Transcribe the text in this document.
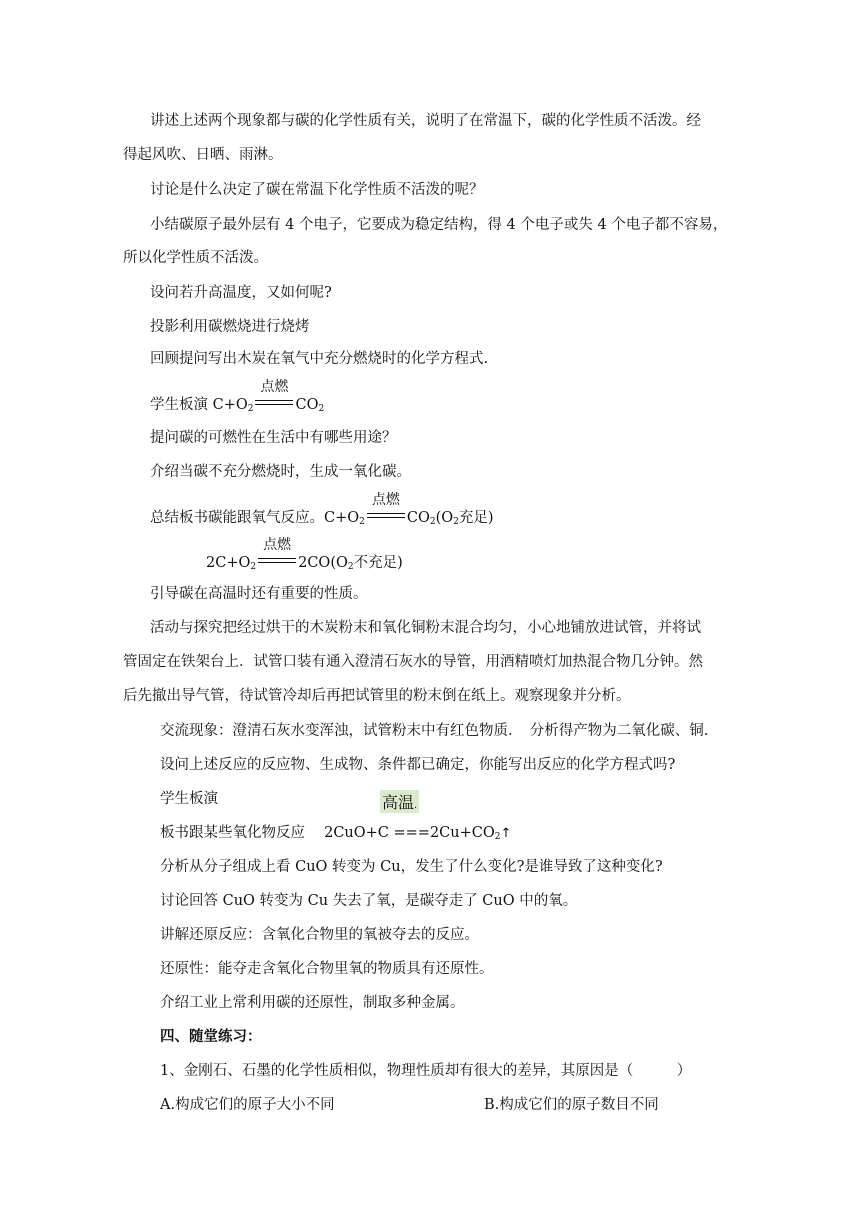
讲述上述两个现象都与碳的化学性质有关，说明了在常温下，碳的化学性质不活泼。经
得起风吹、日晒、雨淋。
讨论是什么决定了碳在常温下化学性质不活泼的呢？
小结碳原子最外层有 4 个电子，它要成为稳定结构，得 4 个电子或失 4 个电子都不容易，
所以化学性质不活泼。
设问若升高温度，又如何呢?
投影利用碳燃烧进行烧烤
回顾提问写出木炭在氧气中充分燃烧时的化学方程式.
学生板演 $C+O_2$
点燃
$CO_2$
提问碳的可燃性在生活中有哪些用途？
介绍当碳不充分燃烧时，生成一氧化碳。
总结板书碳能跟氧气反应。$C+O_2$
点燃
$CO_2(O_2$充足)
$2C+O_2$
点燃
$2CO(O_2$不充足)
引导碳在高温时还有重要的性质。
活动与探究把经过烘干的木炭粉末和氧化铜粉末混合均匀，小心地铺放进试管，并将试
管固定在铁架台上．试管口装有通入澄清石灰水的导管，用酒精喷灯加热混合物几分钟。然
后先撤出导气管，待试管冷却后再把试管里的粉末倒在纸上。观察现象并分析。
交流现象：澄清石灰水变浑浊，试管粉末中有红色物质．　分析得产物为二氧化碳、铜.
设问上述反应的反应物、生成物、条件都已确定，你能写出反应的化学方程式吗?
学生板演	高温.
板书跟某些氧化物反应　 $2CuO+C ===2Cu+CO_2↑$
分析从分子组成上看 CuO 转变为 Cu，发生了什么变化?是谁导致了这种变化?
讨论回答 CuO 转变为 Cu 失去了氧，是碳夺走了 CuO 中的氧。
讲解还原反应：含氧化合物里的氧被夺去的反应。
还原性：能夺走含氧化合物里氧的物质具有还原性。
介绍工业上常利用碳的还原性，制取多种金属。
四、随堂练习：
1、金刚石、石墨的化学性质相似，物理性质却有很大的差异，其原因是（　　　）
A.构成它们的原子大小不同	B.构成它们的原子数目不同
